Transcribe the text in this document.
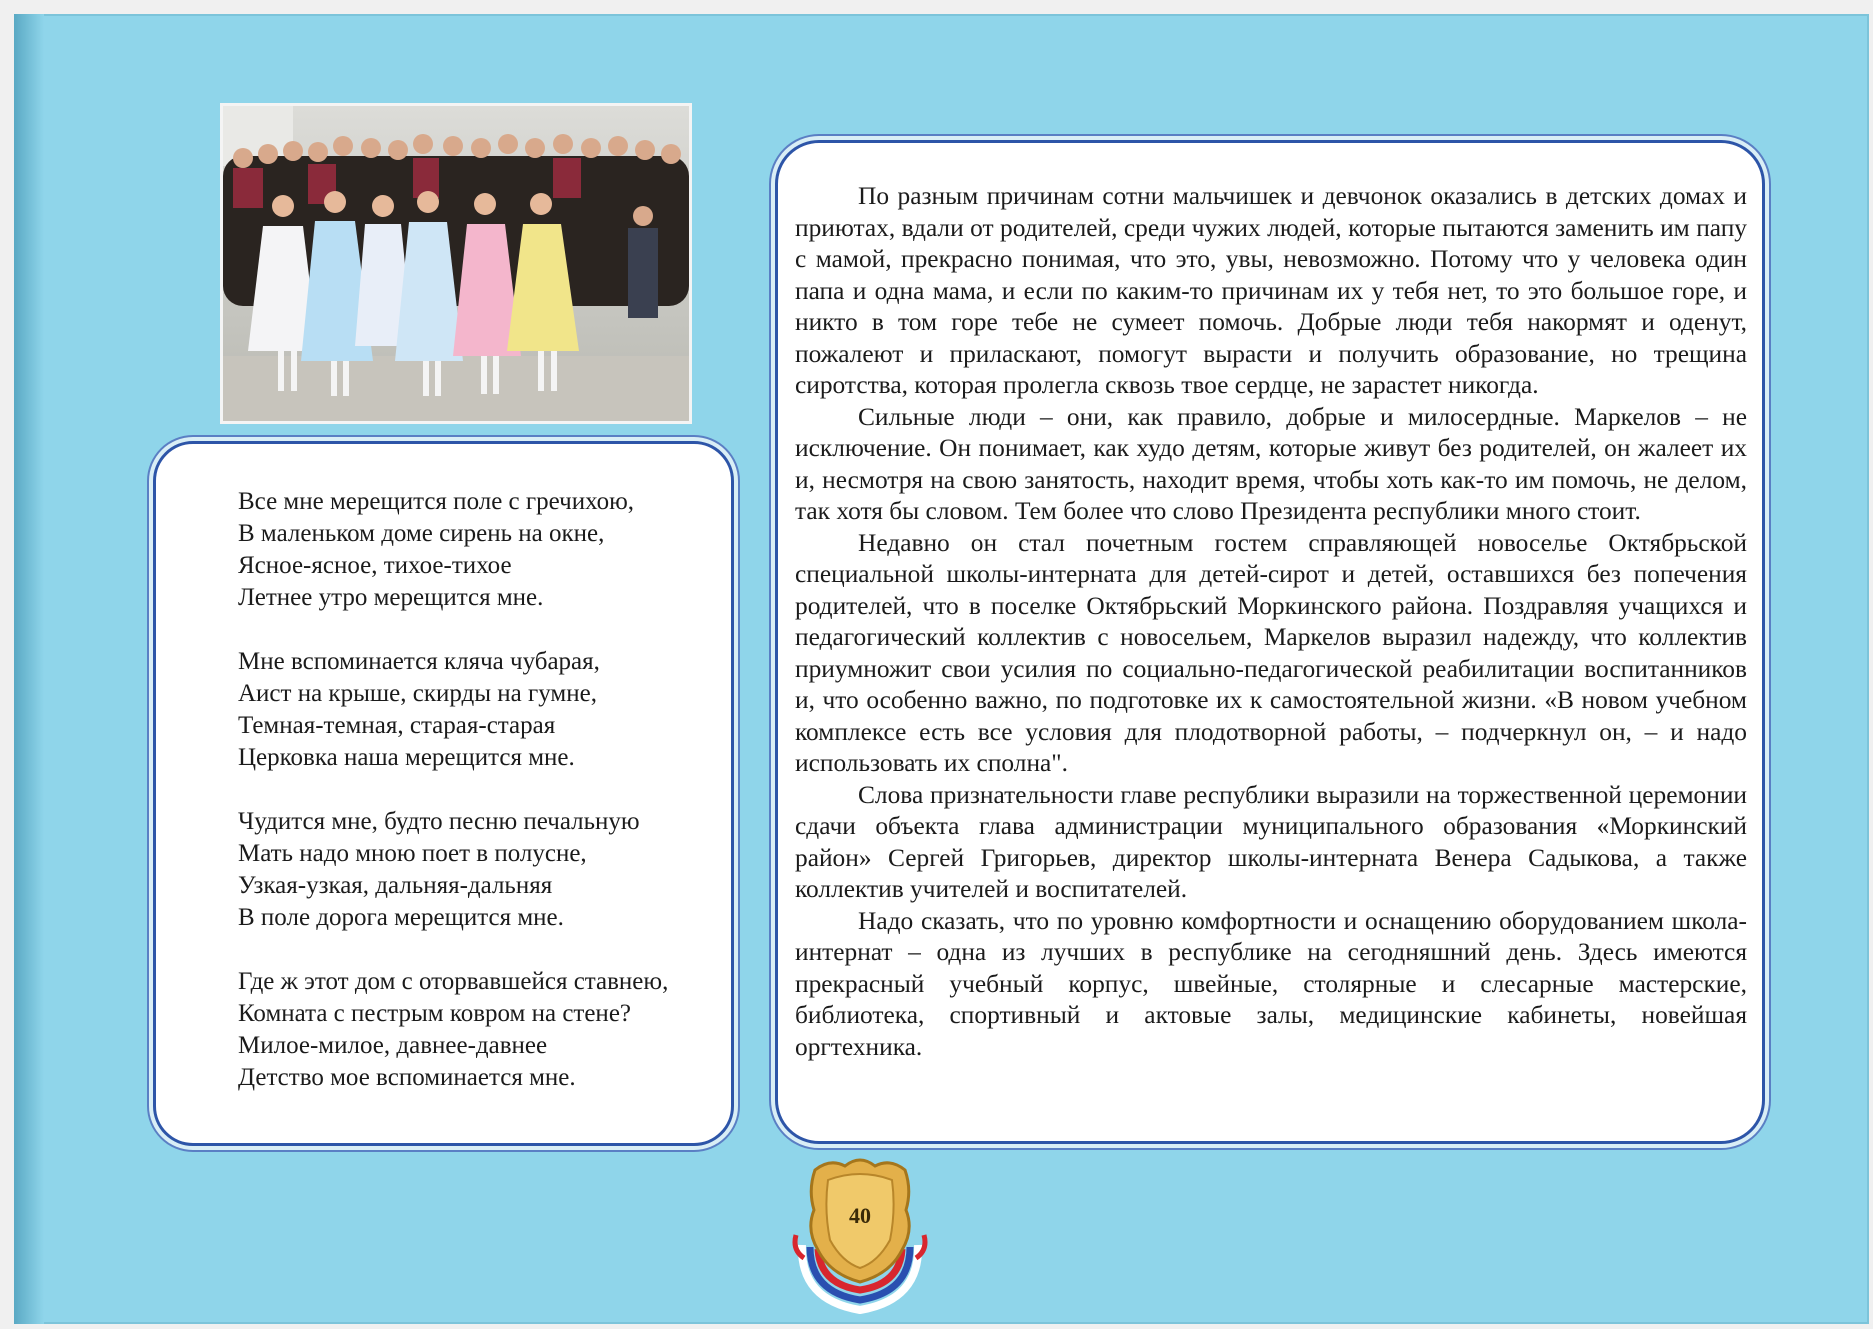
Все мне мерещится поле с гречихою,
В маленьком доме сирень на окне,
Ясное-ясное, тихое-тихое
Летнее утро мерещится мне.
Мне вспоминается кляча чубарая,
Аист на крыше, скирды на гумне,
Темная-темная, старая-старая
Церковка наша мерещится мне.
Чудится мне, будто песню печальную
Мать надо мною поет в полусне,
Узкая-узкая, дальняя-дальняя
В поле дорога мерещится мне.
Где ж этот дом с оторвавшейся ставнею,
Комната с пестрым ковром на стене?
Милое-милое, давнее-давнее
Детство мое вспоминается мне.

По разным причинам сотни мальчишек и девчонок оказались в детских домах и приютах, вдали от родителей, среди чужих людей, которые пытаются заменить им папу с мамой, прекрасно понимая, что это, увы, невозможно. Потому что у человека один папа и одна мама, и если по каким-то причинам их у тебя нет, то это большое горе, и никто в том горе тебе не сумеет помочь. Добрые люди тебя накормят и оденут, пожалеют и приласкают, помогут вырасти и получить образование, но трещина сиротства, которая пролегла сквозь твое сердце, не зарастет никогда.

Сильные люди – они, как правило, добрые и милосердные. Маркелов – не исключение. Он понимает, как худо детям, которые живут без родителей, он жалеет их и, несмотря на свою занятость, находит время, чтобы хоть как-то им помочь, не делом, так хотя бы словом. Тем более что слово Президента республики много стоит.

Недавно он стал почетным гостем справляющей новоселье Октябрьской специальной школы-интерната для детей-сирот и детей, оставшихся без попечения родителей, что в поселке Октябрьский Моркинского района. Поздравляя учащихся и педагогический коллектив с новосельем, Маркелов выразил надежду, что коллектив приумножит свои усилия по социально-педагогической реабилитации воспитанников и, что особенно важно, по подготовке их к самостоятельной жизни. «В новом учебном комплексе есть все условия для плодотворной работы, – подчеркнул он, – и надо использовать их сполна".

Слова признательности главе республики выразили на торжественной церемонии сдачи объекта глава администрации муниципального образования «Моркинский район» Сергей Григорьев, директор школы-интерната Венера Садыкова, а также коллектив учителей и воспитателей.

Надо сказать, что по уровню комфортности и оснащению оборудованием школа-интернат – одна из лучших в республике на сегодняшний день. Здесь имеются прекрасный учебный корпус, швейные, столярные и слесарные мастерские, библиотека, спортивный и актовые залы, медицинские кабинеты, новейшая оргтехника.

40
